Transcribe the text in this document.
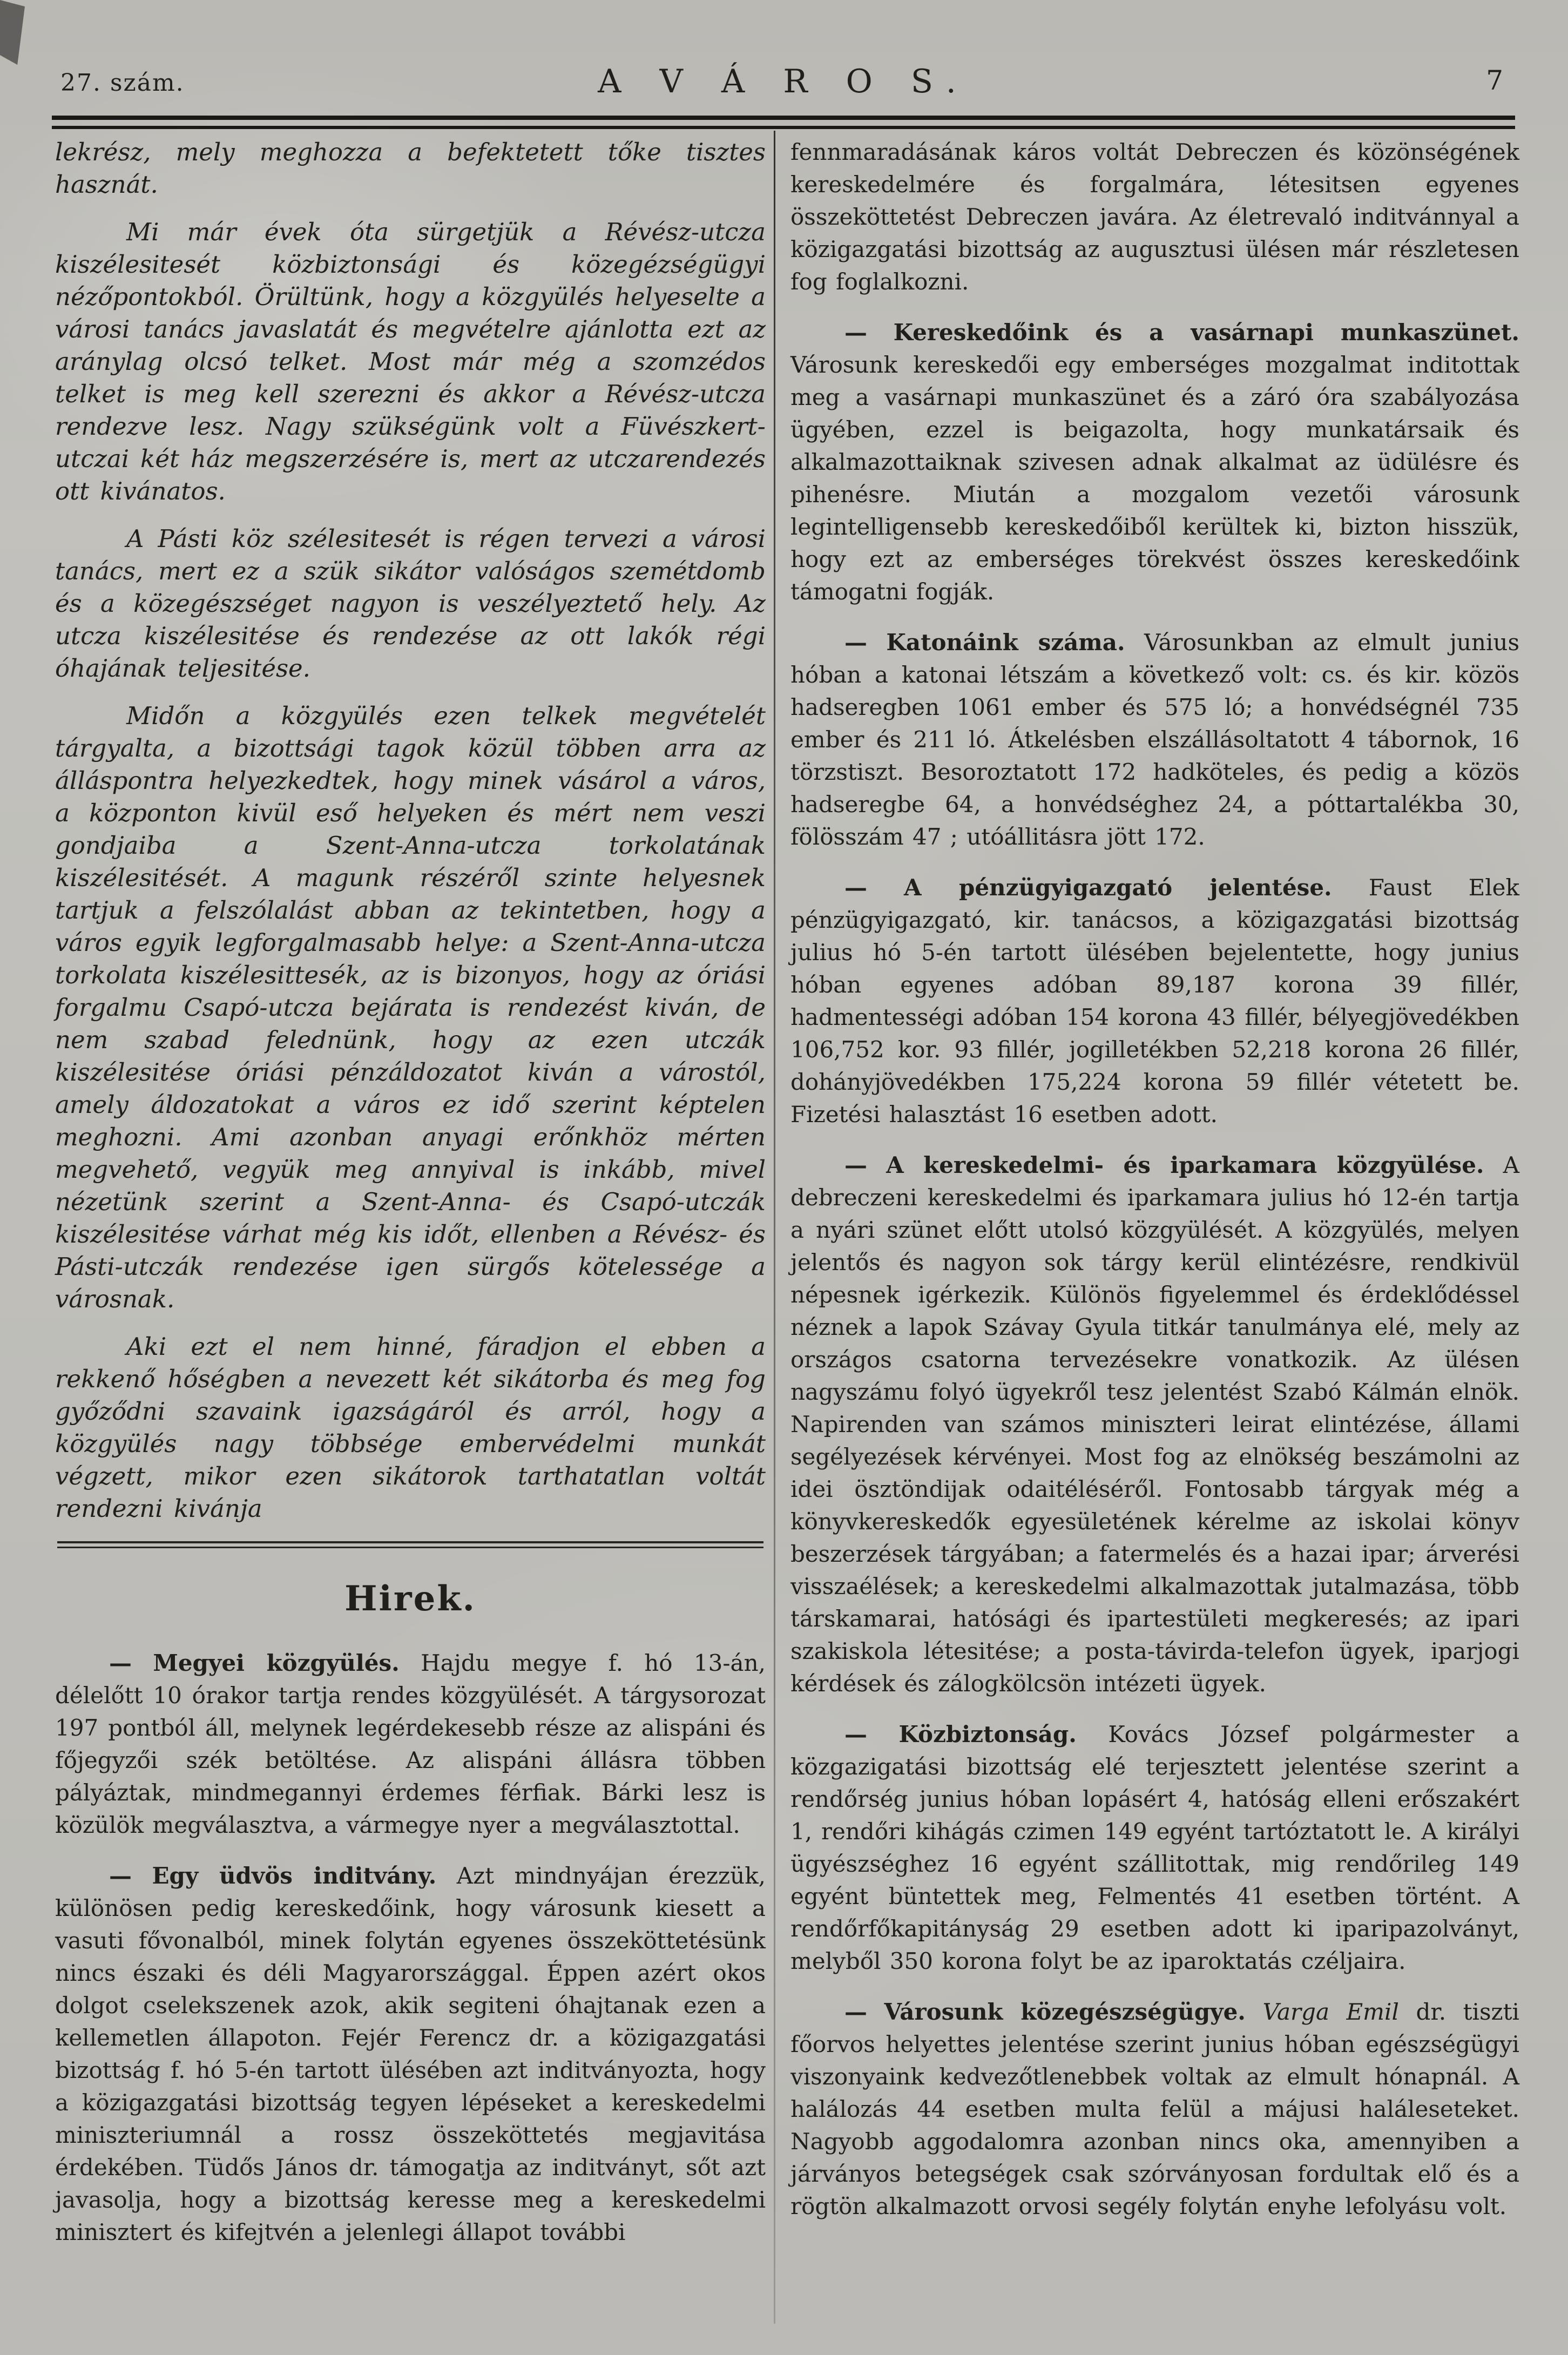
27. szám.	A V Á R O S.	7

lekrész, mely meghozza a befektetett tőke tisztes hasznát.

Mi már évek óta sürgetjük a Révész-utcza kiszélesitesét közbiztonsági és közegézségügyi nézőpontokból. Örültünk, hogy a közgyülés helyeselte a városi tanács javaslatát és megvételre ajánlotta ezt az aránylag olcsó telket. Most már még a szomzédos telket is meg kell szerezni és akkor a Révész-utcza rendezve lesz. Nagy szükségünk volt a Füvészkert-utczai két ház megszerzésére is, mert az utczarendezés ott kivánatos.

A Pásti köz szélesitesét is régen tervezi a városi tanács, mert ez a szük sikátor valóságos szemétdomb és a közegészséget nagyon is veszélyeztető hely. Az utcza kiszélesitése és rendezése az ott lakók régi óhajának teljesitése.

Midőn a közgyülés ezen telkek megvételét tárgyalta, a bizottsági tagok közül többen arra az álláspontra helyezkedtek, hogy minek vásárol a város, a központon kivül eső helyeken és mért nem veszi gondjaiba a Szent-Anna-utcza torkolatának kiszélesitését. A magunk részéről szinte helyesnek tartjuk a felszólalást abban az tekintetben, hogy a város egyik legforgalmasabb helye: a Szent-Anna-utcza torkolata kiszélesittesék, az is bizonyos, hogy az óriási forgalmu Csapó-utcza bejárata is rendezést kiván, de nem szabad felednünk, hogy az ezen utczák kiszélesitése óriási pénzáldozatot kiván a várostól, amely áldozatokat a város ez idő szerint képtelen meghozni. Ami azonban anyagi erőnkhöz mérten megvehető, vegyük meg annyival is inkább, mivel nézetünk szerint a Szent-Anna- és Csapó-utczák kiszélesitése várhat még kis időt, ellenben a Révész- és Pásti-utczák rendezése igen sürgős kötelessége a városnak.

Aki ezt el nem hinné, fáradjon el ebben a rekkenő hőségben a nevezett két sikátorba és meg fog győződni szavaink igazságáról és arról, hogy a közgyülés nagy többsége embervédelmi munkát végzett, mikor ezen sikátorok tarthatatlan voltát rendezni kivánja

Hirek.

— Megyei közgyülés. Hajdu megye f. hó 13-án, délelőtt 10 órakor tartja rendes közgyülését. A tárgysorozat 197 pontból áll, melynek legérdekesebb része az alispáni és főjegyzői szék betöltése. Az alispáni állásra többen pályáztak, mindmegannyi érdemes férfiak. Bárki lesz is közülök megválasztva, a vármegye nyer a megválasztottal.

— Egy üdvös inditvány. Azt mindnyájan érezzük, különösen pedig kereskedőink, hogy városunk kiesett a vasuti fővonalból, minek folytán egyenes összeköttetésünk nincs északi és déli Magyarországgal. Éppen azért okos dolgot cselekszenek azok, akik segiteni óhajtanak ezen a kellemetlen állapoton. Fejér Ferencz dr. a közigazgatási bizottság f. hó 5-én tartott ülésében azt inditványozta, hogy a közigazgatási bizottság tegyen lépéseket a kereskedelmi miniszteriumnál a rossz összeköttetés megjavitása érdekében. Tüdős János dr. támogatja az inditványt, sőt azt javasolja, hogy a bizottság keresse meg a kereskedelmi minisztert és kifejtvén a jelenlegi állapot további

fennmaradásának káros voltát Debreczen és közönségének kereskedelmére és forgalmára, létesitsen egyenes összeköttetést Debreczen javára. Az életrevaló inditvánnyal a közigazgatási bizottság az augusztusi ülésen már részletesen fog foglalkozni.

— Kereskedőink és a vasárnapi munkaszünet. Városunk kereskedői egy emberséges mozgalmat inditottak meg a vasárnapi munkaszünet és a záró óra szabályozása ügyében, ezzel is beigazolta, hogy munkatársaik és alkalmazottaiknak szivesen adnak alkalmat az üdülésre és pihenésre. Miután a mozgalom vezetői városunk legintelligensebb kereskedőiből kerültek ki, bizton hisszük, hogy ezt az emberséges törekvést összes kereskedőink támogatni fogják.

— Katonáink száma. Városunkban az elmult junius hóban a katonai létszám a következő volt: cs. és kir. közös hadseregben 1061 ember és 575 ló; a honvédségnél 735 ember és 211 ló. Átkelésben elszállásoltatott 4 tábornok, 16 törzstiszt. Besoroztatott 172 hadköteles, és pedig a közös hadseregbe 64, a honvédséghez 24, a póttartalékba 30, fölösszám 47 ; utóállitásra jött 172.

— A pénzügyigazgató jelentése. Faust Elek pénzügyigazgató, kir. tanácsos, a közigazgatási bizottság julius hó 5-én tartott ülésében bejelentette, hogy junius hóban egyenes adóban 89,187 korona 39 fillér, hadmentességi adóban 154 korona 43 fillér, bélyegjövedékben 106,752 kor. 93 fillér, jogilletékben 52,218 korona 26 fillér, dohányjövedékben 175,224 korona 59 fillér vétetett be. Fizetési halasztást 16 esetben adott.

— A kereskedelmi- és iparkamara közgyülése. A debreczeni kereskedelmi és iparkamara julius hó 12-én tartja a nyári szünet előtt utolsó közgyülését. A közgyülés, melyen jelentős és nagyon sok tárgy kerül elintézésre, rendkivül népesnek igérkezik. Különös figyelemmel és érdeklődéssel néznek a lapok Szávay Gyula titkár tanulmánya elé, mely az országos csatorna tervezésekre vonatkozik. Az ülésen nagyszámu folyó ügyekről tesz jelentést Szabó Kálmán elnök. Napirenden van számos miniszteri leirat elintézése, állami segélyezések kérvényei. Most fog az elnökség beszámolni az idei ösztöndijak odaitéléséről. Fontosabb tárgyak még a könyvkereskedők egyesületének kérelme az iskolai könyv beszerzések tárgyában; a fatermelés és a hazai ipar; árverési visszaélések; a kereskedelmi alkalmazottak jutalmazása, több társkamarai, hatósági és ipartestületi megkeresés; az ipari szakiskola létesitése; a posta-távirda-telefon ügyek, iparjogi kérdések és zálogkölcsön intézeti ügyek.

— Közbiztonság. Kovács József polgármester a közgazigatási bizottság elé terjesztett jelentése szerint a rendőrség junius hóban lopásért 4, hatóság elleni erőszakért 1, rendőri kihágás czimen 149 egyént tartóztatott le. A királyi ügyészséghez 16 egyént szállitottak, mig rendőrileg 149 egyént büntettek meg, Felmentés 41 esetben történt. A rendőrfőkapitányság 29 esetben adott ki iparipazolványt, melyből 350 korona folyt be az iparoktatás czéljaira.

— Városunk közegészségügye. Varga Emil dr. tiszti főorvos helyettes jelentése szerint junius hóban egészségügyi viszonyaink kedvezőtlenebbek voltak az elmult hónapnál. A halálozás 44 esetben multa felül a májusi haláleseteket. Nagyobb aggodalomra azonban nincs oka, amennyiben a járványos betegségek csak szórványosan fordultak elő és a rögtön alkalmazott orvosi segély folytán enyhe lefolyásu volt.
